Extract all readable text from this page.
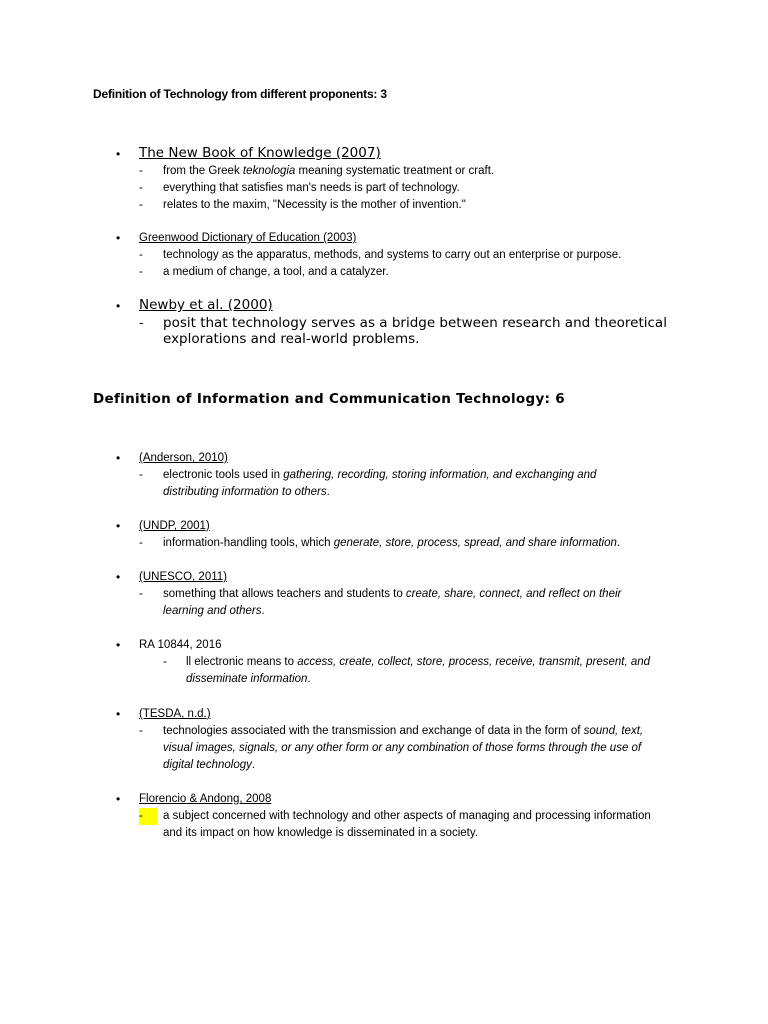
Definition of Technology from different proponents: 3
• The New Book of Knowledge (2007)
- from the Greek teknologia meaning systematic treatment or craft.
- everything that satisfies man's needs is part of technology.
- relates to the maxim, "Necessity is the mother of invention."
• Greenwood Dictionary of Education (2003)
- technology as the apparatus, methods, and systems to carry out an enterprise or purpose.
- a medium of change, a tool, and a catalyzer.
• Newby et al. (2000)
- posit that technology serves as a bridge between research and theoretical
explorations and real-world problems.
Definition of Information and Communication Technology: 6
• (Anderson, 2010)
- electronic tools used in gathering, recording, storing information, and exchanging and
distributing information to others.
• (UNDP, 2001)
- information-handling tools, which generate, store, process, spread, and share information.
• (UNESCO, 2011)
- something that allows teachers and students to create, share, connect, and reflect on their
learning and others.
• RA 10844, 2016
- ll electronic means to access, create, collect, store, process, receive, transmit, present, and
disseminate information.
• (TESDA, n.d.)
- technologies associated with the transmission and exchange of data in the form of sound, text,
visual images, signals, or any other form or any combination of those forms through the use of
digital technology.
• Florencio & Andong, 2008
-	a subject concerned with technology and other aspects of managing and processing information
and its impact on how knowledge is disseminated in a society.
